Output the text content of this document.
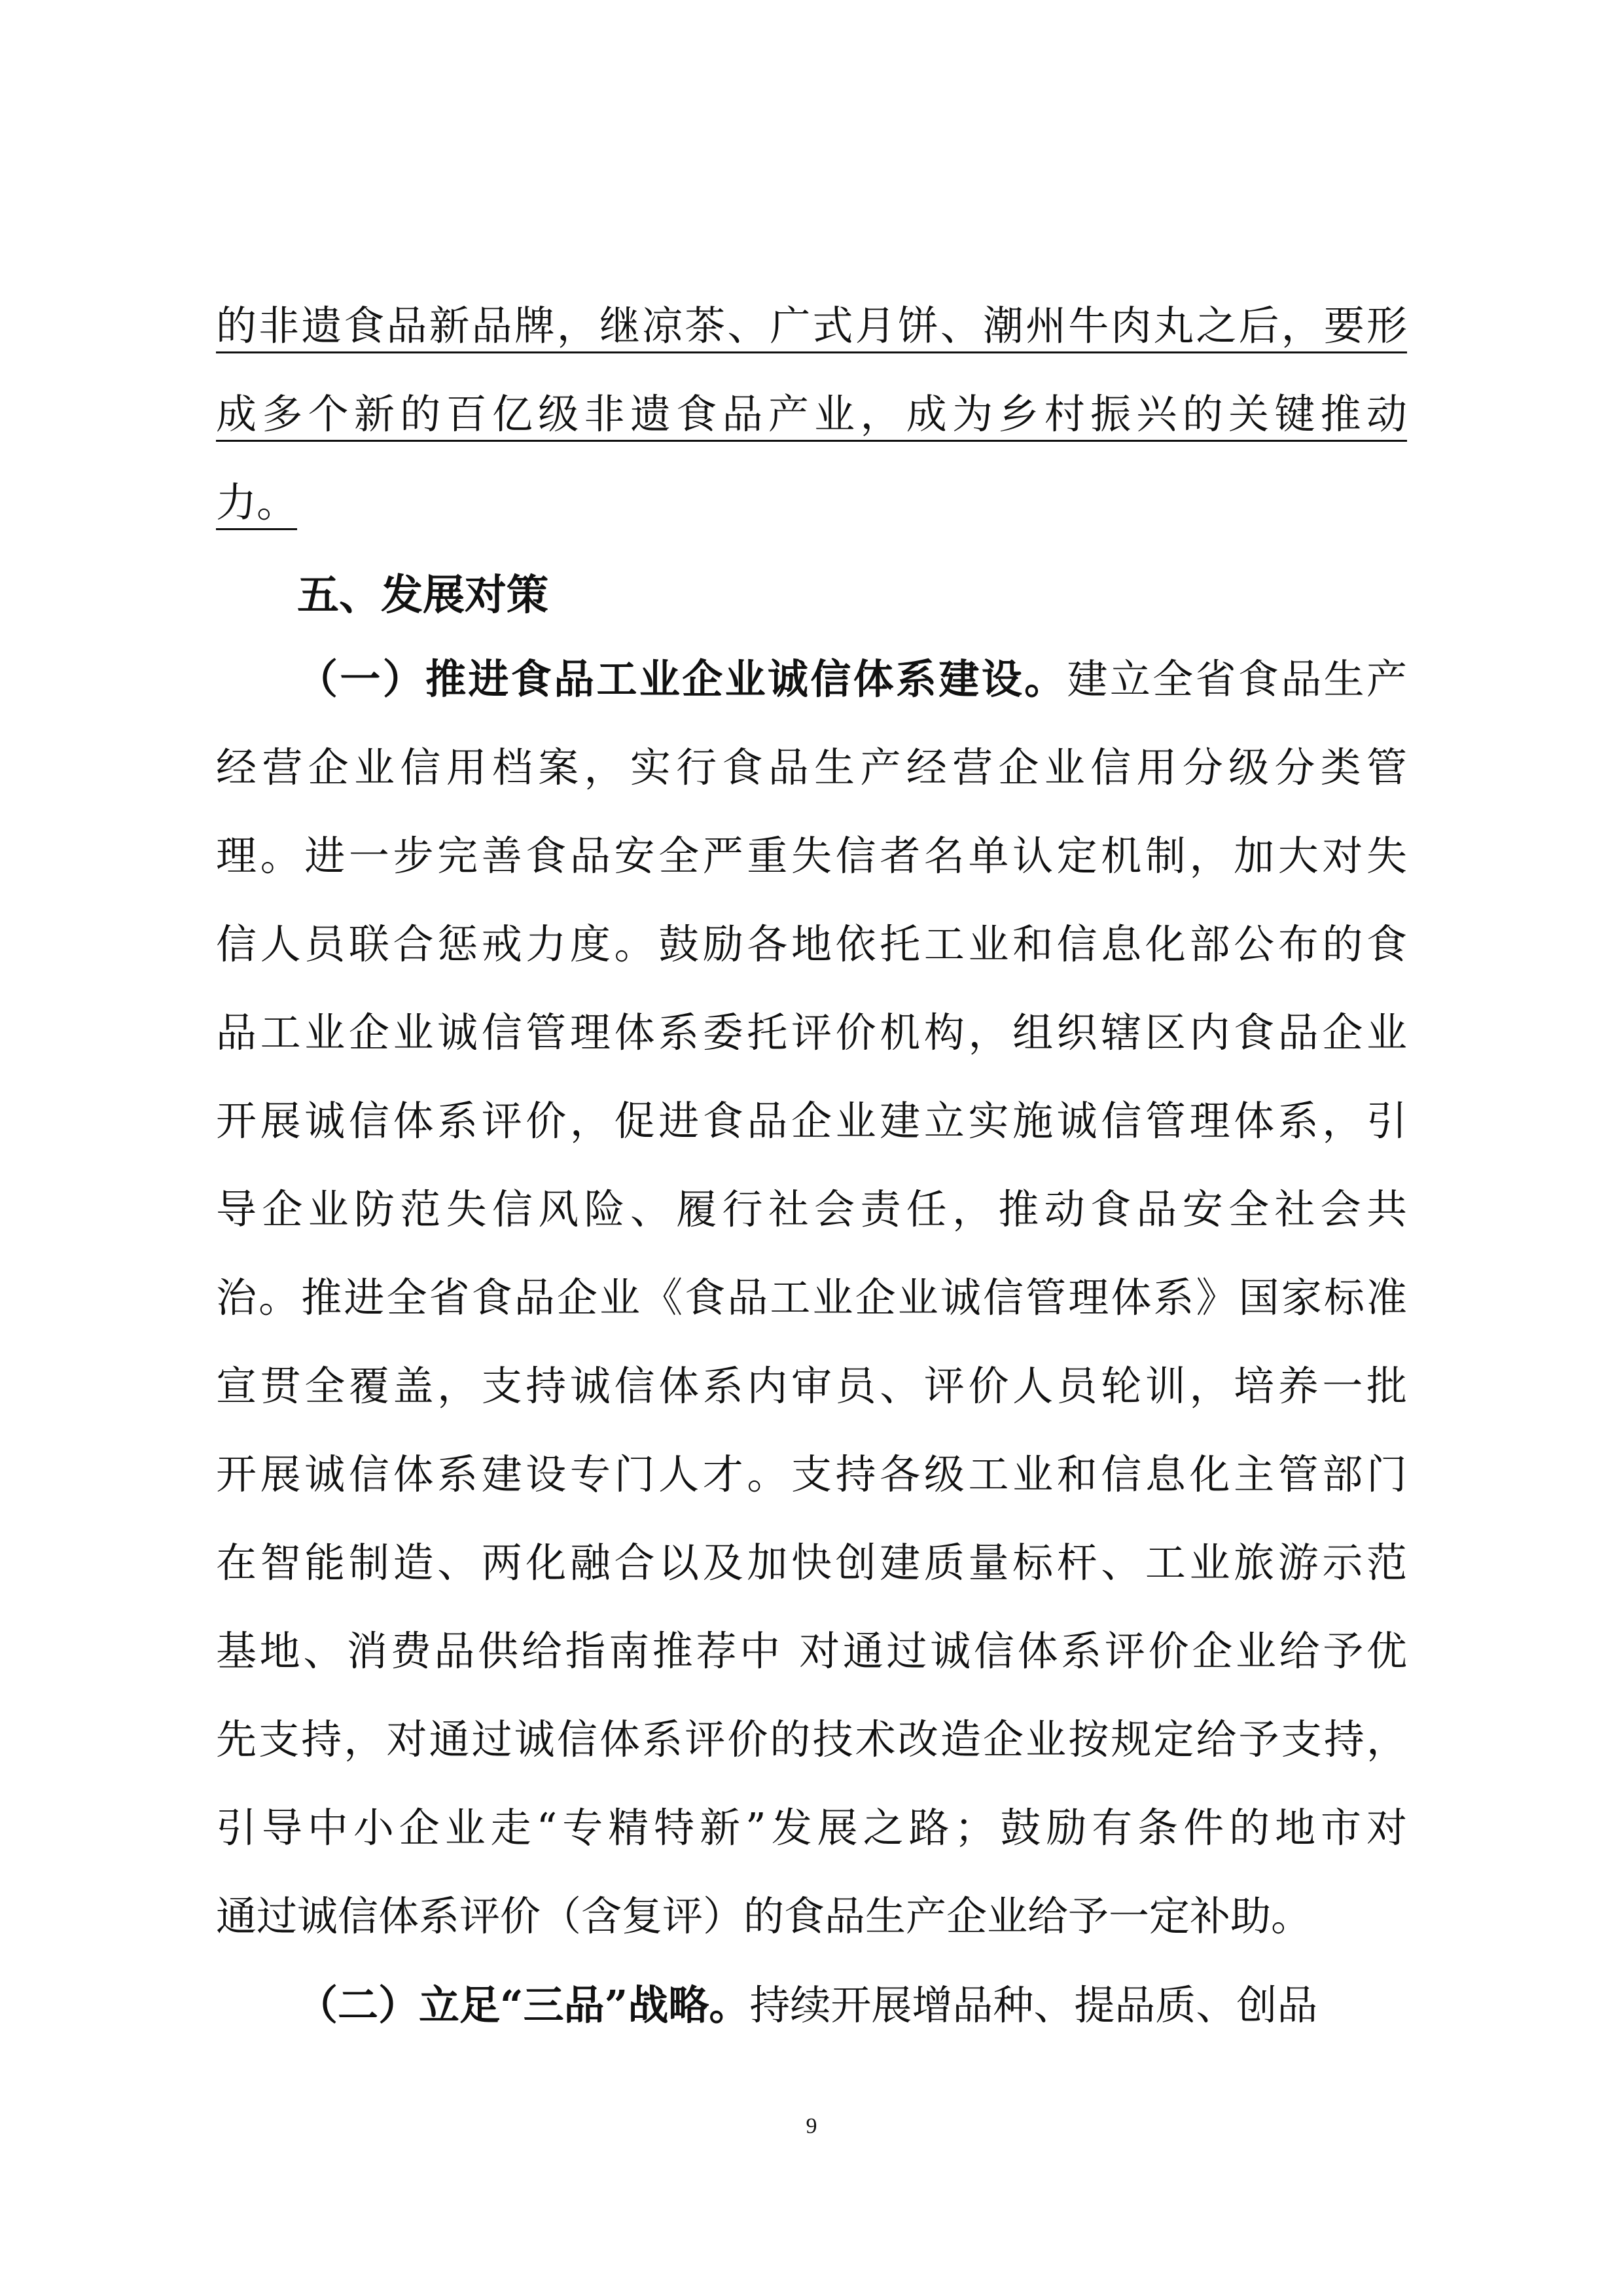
的非遗食品新品牌，继凉茶、广式月饼、潮州牛肉丸之后，要形
成多个新的百亿级非遗食品产业，成为乡村振兴的关键推动
力。
五、发展对策
（一）推进食品工业企业诚信体系建设。建立全省食品生产
经营企业信用档案，实行食品生产经营企业信用分级分类管
理。进一步完善食品安全严重失信者名单认定机制，加大对失
信人员联合惩戒力度。鼓励各地依托工业和信息化部公布的食
品工业企业诚信管理体系委托评价机构，组织辖区内食品企业
开展诚信体系评价，促进食品企业建立实施诚信管理体系，引
导企业防范失信风险、履行社会责任，推动食品安全社会共
治。推进全省食品企业《食品工业企业诚信管理体系》国家标准
宣贯全覆盖，支持诚信体系内审员、评价人员轮训，培养一批
开展诚信体系建设专门人才。支持各级工业和信息化主管部门
在智能制造、两化融合以及加快创建质量标杆、工业旅游示范
基地、消费品供给指南推荐中 对通过诚信体系评价企业给予优
先支持，对通过诚信体系评价的技术改造企业按规定给予支持，
引导中小企业走“专精特新”发展之路；鼓励有条件的地市对
通过诚信体系评价（含复评）的食品生产企业给予一定补助。
（二）立足“三品”战略。持续开展增品种、提品质、创品
9
